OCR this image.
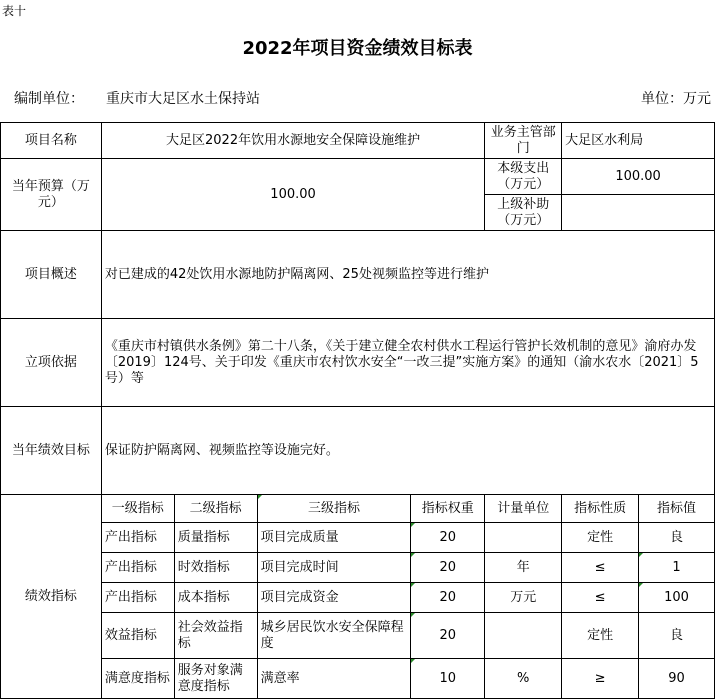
表十
2022年项目资金绩效目标表
编制单位： 重庆市大足区水土保持站	单位：万元
项目名称	大足区2022年饮用水源地安全保障设施维护				业务主管部门	大足区水利局	
当年预算（万元）	100.00				本级支出（万元）	100.00	
					上级补助（万元）		
项目概述	对已建成的42处饮用水源地防护隔离网、25处视频监控等进行维护						
立项依据	《重庆市村镇供水条例》第二十八条，《关于建立健全农村供水工程运行管护长效机制的意见》渝府办发〔2019〕124号、关于印发《重庆市农村饮水安全“一改三提”实施方案》的通知（渝水农水〔2021〕5号）等						
当年绩效目标	保证防护隔离网、视频监控等设施完好。						
绩效指标	一级指标	二级指标	三级指标	指标权重	计量单位	指标性质	指标值
	产出指标	质量指标	项目完成质量	20		定性	良
	产出指标	时效指标	项目完成时间	20	年	≤	1
	产出指标	成本指标	项目完成资金	20	万元	≤	100
	效益指标	社会效益指标	城乡居民饮水安全保障程度	20		定性	良
	满意度指标	服务对象满意度指标	满意率	10	%	≥	90
